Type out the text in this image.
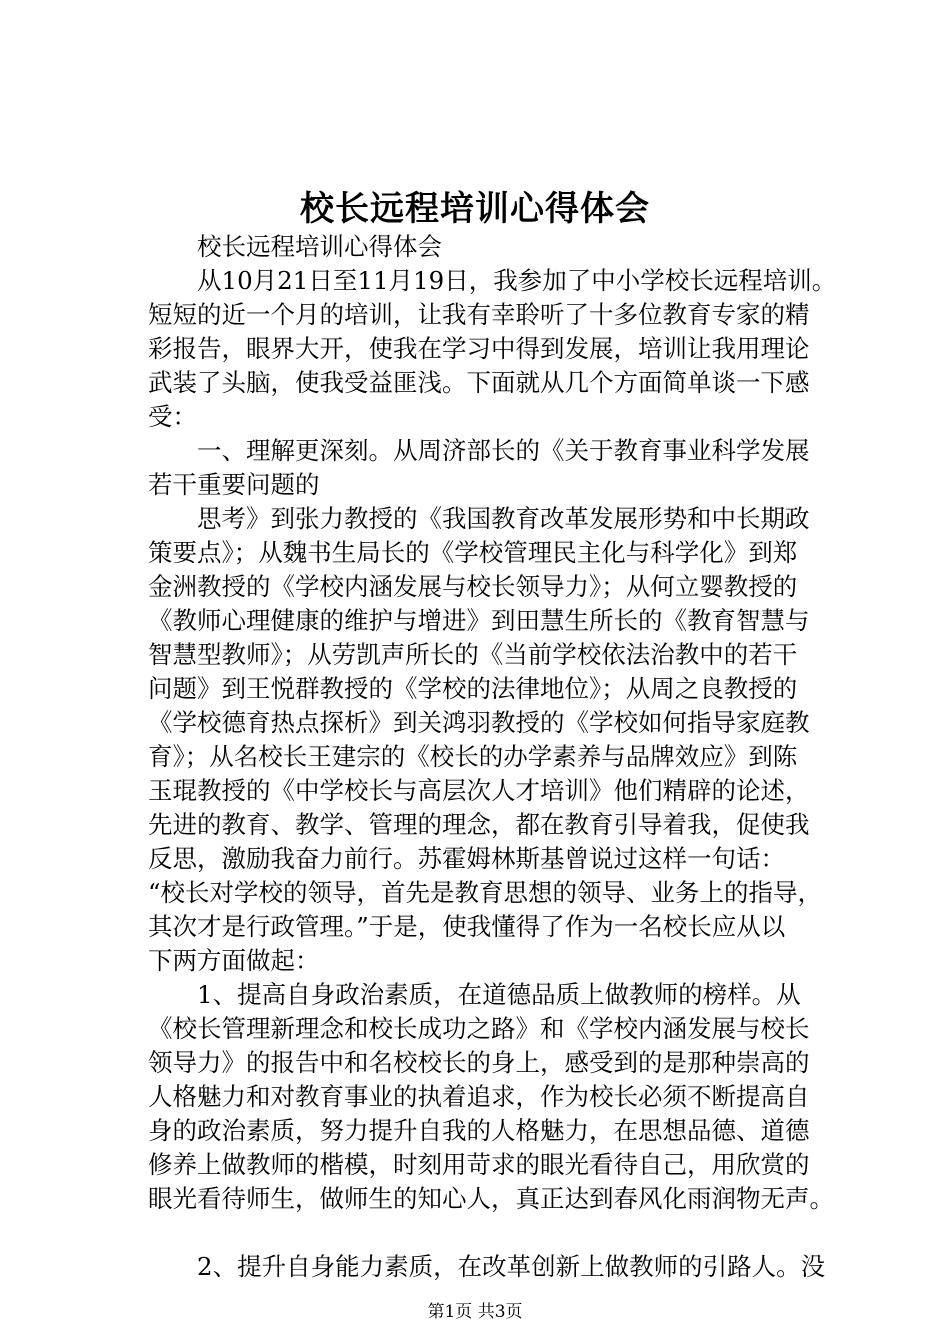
校长远程培训心得体会

　　校长远程培训心得体会

　　从10月21日至11月19日，我参加了中小学校长远程培训。

短短的近一个月的培训，让我有幸聆听了十多位教育专家的精

彩报告，眼界大开，使我在学习中得到发展，培训让我用理论

武装了头脑，使我受益匪浅。下面就从几个方面简单谈一下感

受：

　　一、理解更深刻。从周济部长的《关于教育事业科学发展

若干重要问题的

　　思考》到张力教授的《我国教育改革发展形势和中长期政

策要点》；从魏书生局长的《学校管理民主化与科学化》到郑

金洲教授的《学校内涵发展与校长领导力》；从何立婴教授的

《教师心理健康的维护与增进》到田慧生所长的《教育智慧与

智慧型教师》；从劳凯声所长的《当前学校依法治教中的若干

问题》到王悦群教授的《学校的法律地位》；从周之良教授的

《学校德育热点探析》到关鸿羽教授的《学校如何指导家庭教

育》；从名校长王建宗的《校长的办学素养与品牌效应》到陈

玉琨教授的《中学校长与高层次人才培训》他们精辟的论述，

先进的教育、教学、管理的理念，都在教育引导着我，促使我

反思，激励我奋力前行。苏霍姆林斯基曾说过这样一句话：

“校长对学校的领导，首先是教育思想的领导、业务上的指导，

其次才是行政管理。”于是，使我懂得了作为一名校长应从以

下两方面做起：

　　1、提高自身政治素质，在道德品质上做教师的榜样。从

《校长管理新理念和校长成功之路》和《学校内涵发展与校长

领导力》的报告中和名校校长的身上，感受到的是那种崇高的

人格魅力和对教育事业的执着追求，作为校长必须不断提高自

身的政治素质，努力提升自我的人格魅力，在思想品德、道德

修养上做教师的楷模，时刻用苛求的眼光看待自己，用欣赏的

眼光看待师生，做师生的知心人，真正达到春风化雨润物无声。

　　2、提升自身能力素质，在改革创新上做教师的引路人。没

第1页 共3页
